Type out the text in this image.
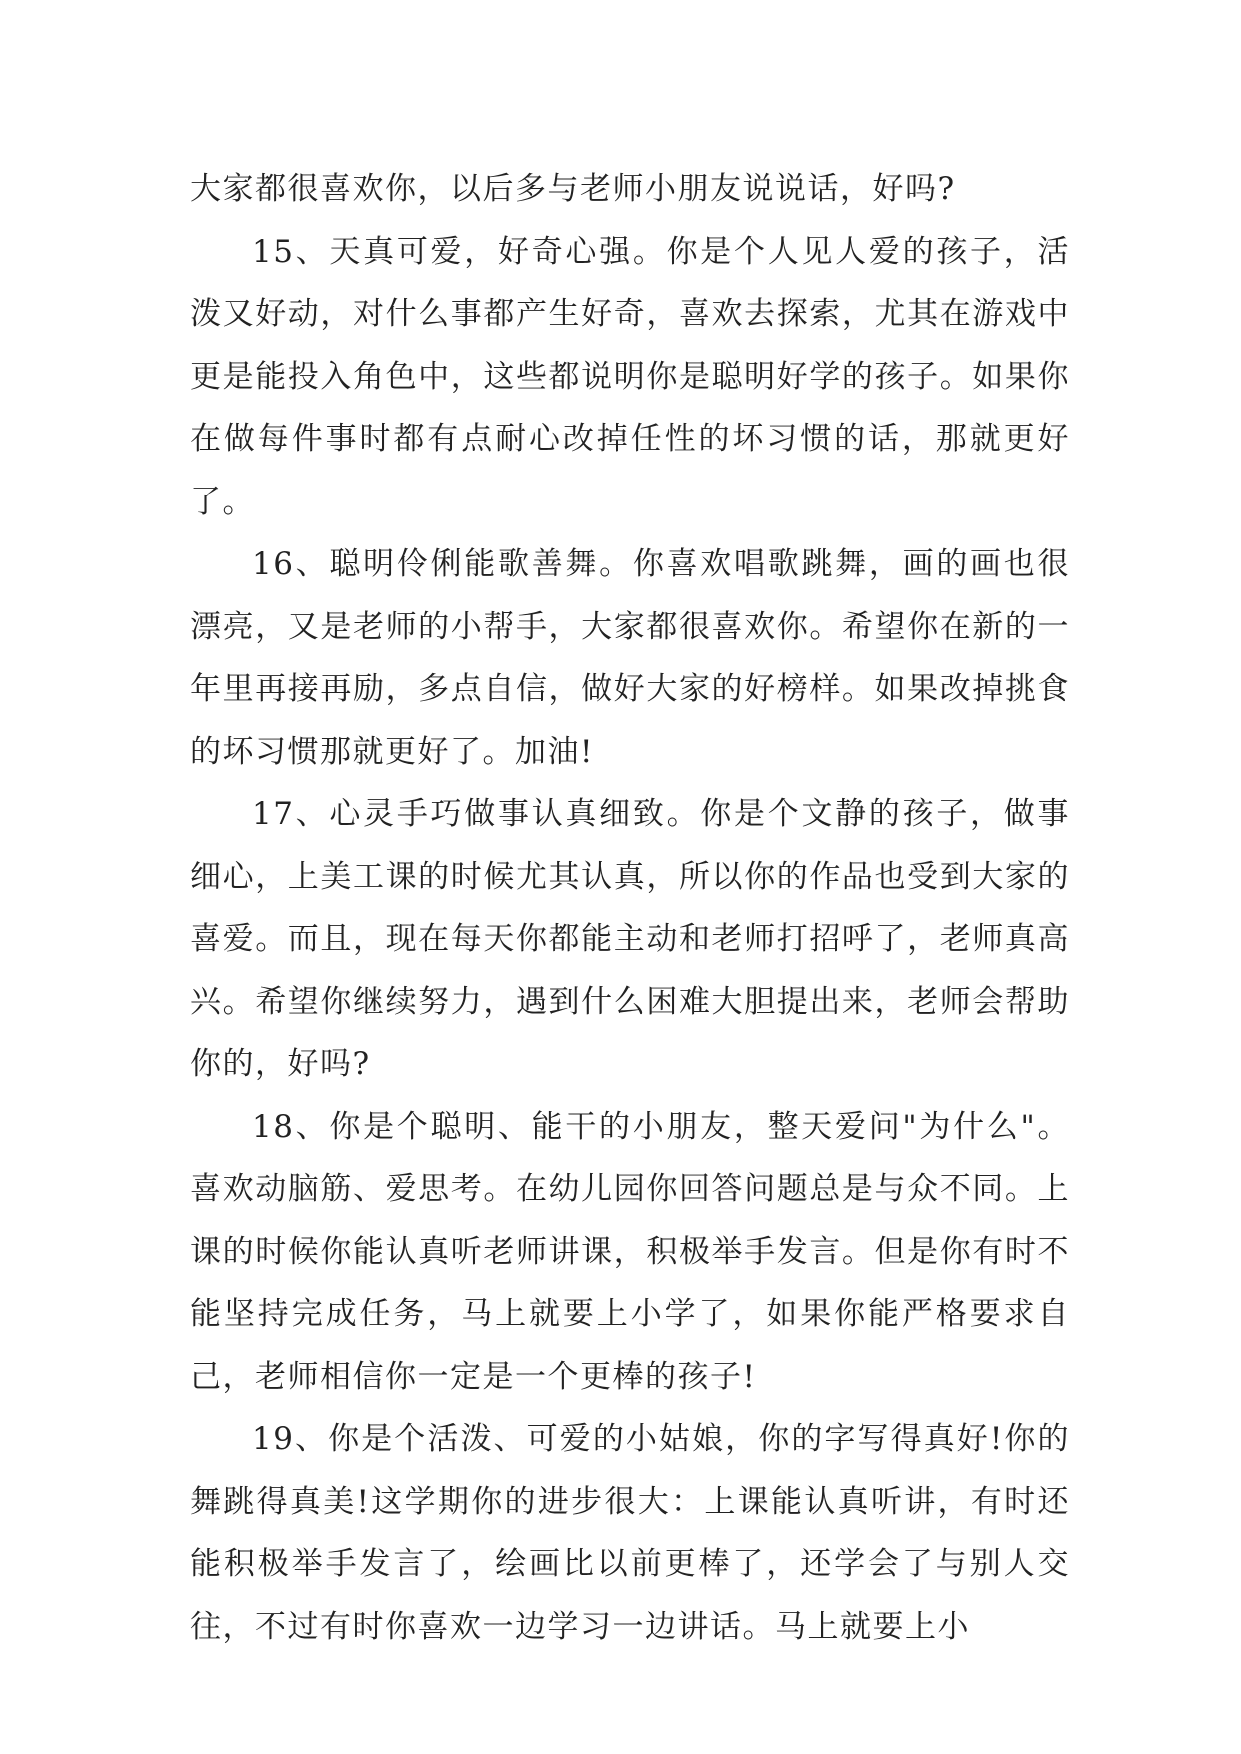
大家都很喜欢你，以后多与老师小朋友说说话，好吗?

15、天真可爱，好奇心强。你是个人见人爱的孩子，活泼又好动，对什么事都产生好奇，喜欢去探索，尤其在游戏中更是能投入角色中，这些都说明你是聪明好学的孩子。如果你在做每件事时都有点耐心改掉任性的坏习惯的话，那就更好了。

16、聪明伶俐能歌善舞。你喜欢唱歌跳舞，画的画也很漂亮，又是老师的小帮手，大家都很喜欢你。希望你在新的一年里再接再励，多点自信，做好大家的好榜样。如果改掉挑食的坏习惯那就更好了。加油!

17、心灵手巧做事认真细致。你是个文静的孩子，做事细心，上美工课的时候尤其认真，所以你的作品也受到大家的喜爱。而且，现在每天你都能主动和老师打招呼了，老师真高兴。希望你继续努力，遇到什么困难大胆提出来，老师会帮助你的，好吗?

18、你是个聪明、能干的小朋友，整天爱问"为什么"。喜欢动脑筋、爱思考。在幼儿园你回答问题总是与众不同。上课的时候你能认真听老师讲课，积极举手发言。但是你有时不能坚持完成任务，马上就要上小学了，如果你能严格要求自己，老师相信你一定是一个更棒的孩子!

19、你是个活泼、可爱的小姑娘，你的字写得真好!你的舞跳得真美!这学期你的进步很大：上课能认真听讲，有时还能积极举手发言了，绘画比以前更棒了，还学会了与别人交往，不过有时你喜欢一边学习一边讲话。马上就要上小
